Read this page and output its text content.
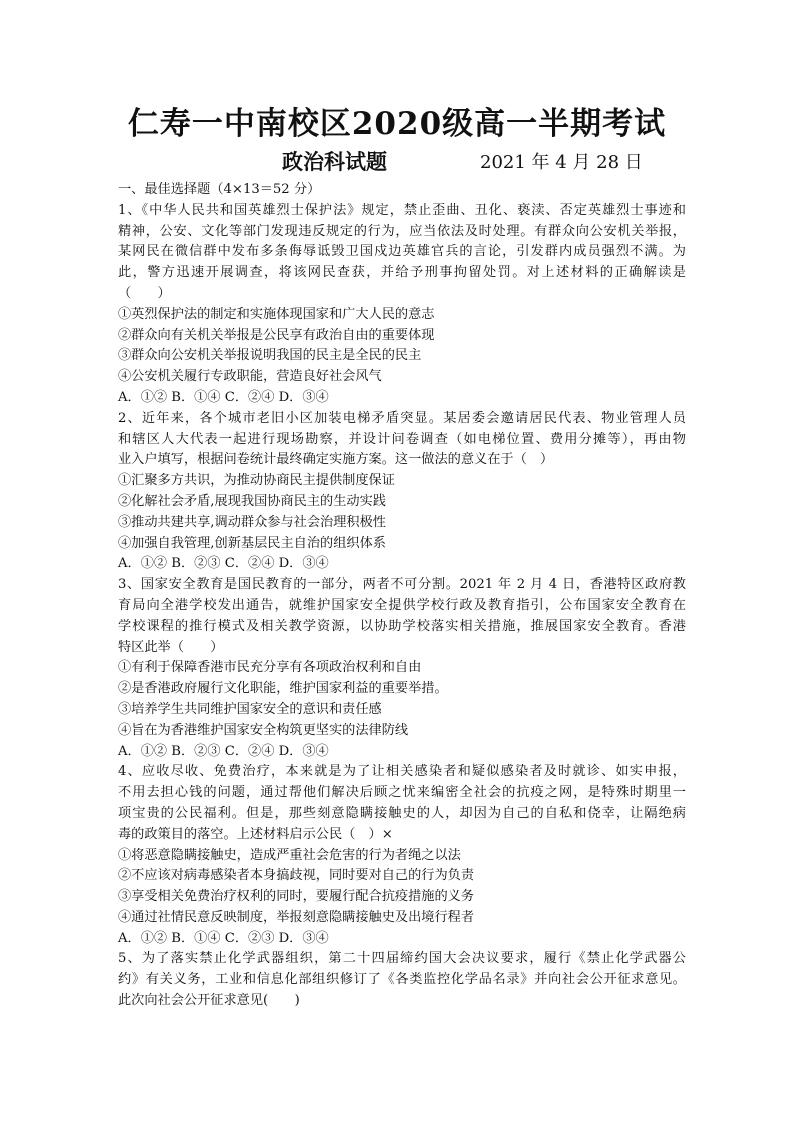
仁寿一中南校区2020级高一半期考试
政治科试题	2021 年 4 月 28 日
一、最佳选择题（4×13＝52 分）
1、《中华人民共和国英雄烈士保护法》规定，禁止歪曲、丑化、亵渎、否定英雄烈士事迹和
精神，公安、文化等部门发现违反规定的行为，应当依法及时处理。有群众向公安机关举报，
某网民在微信群中发布多条侮辱诋毁卫国戍边英雄官兵的言论，引发群内成员强烈不满。为
此，警方迅速开展调查，将该网民查获，并给予刑事拘留处罚。对上述材料的正确解读是
（　　）
①英烈保护法的制定和实施体现国家和广大人民的意志
②群众向有关机关举报是公民享有政治自由的重要体现
③群众向公安机关举报说明我国的民主是全民的民主
④公安机关履行专政职能，营造良好社会风气
A．①② B．①④ C．②④ D．③④
2、近年来，各个城市老旧小区加装电梯矛盾突显。某居委会邀请居民代表、物业管理人员
和辖区人大代表一起进行现场勘察，并设计问卷调查（如电梯位置、费用分摊等），再由物
业入户填写，根据问卷统计最终确定实施方案。这一做法的意义在于（　）
①汇聚多方共识，为推动协商民主提供制度保证
②化解社会矛盾,展现我国协商民主的生动实践
③推动共建共享,调动群众参与社会治理积极性
④加强自我管理,创新基层民主自治的组织体系
A．①② B．②③ C．②④ D．③④
3、国家安全教育是国民教育的一部分，两者不可分割。2021 年 2 月 4 日，香港特区政府教
育局向全港学校发出通告，就维护国家安全提供学校行政及教育指引，公布国家安全教育在
学校课程的推行模式及相关教学资源，以协助学校落实相关措施，推展国家安全教育。香港
特区此举（　　）
①有利于保障香港市民充分享有各项政治权利和自由
②是香港政府履行文化职能，维护国家利益的重要举措。
③培养学生共同维护国家安全的意识和责任感
④旨在为香港维护国家安全构筑更坚实的法律防线
A．①② B．②③ C．②④ D．③④
4、应收尽收、免费治疗，本来就是为了让相关感染者和疑似感染者及时就诊、如实申报，
不用去担心钱的问题，通过帮他们解决后顾之忧来编密全社会的抗疫之网，是特殊时期里一
项宝贵的公民福利。但是，那些刻意隐瞒接触史的人，却因为自己的自私和侥幸，让隔绝病
毒的政策目的落空。上述材料启示公民（　）×
①将恶意隐瞒接触史，造成严重社会危害的行为者绳之以法
②不应该对病毒感染者本身搞歧视，同时要对自己的行为负责
③享受相关免费治疗权利的同时，要履行配合抗疫措施的义务
④通过社情民意反映制度，举报刻意隐瞒接触史及出境行程者
A．①② B．①④ C．②③ D．③④
5、为了落实禁止化学武器组织，第二十四届缔约国大会决议要求，履行《禁止化学武器公
约》有关义务，工业和信息化部组织修订了《各类监控化学品名录》并向社会公开征求意见。
此次向社会公开征求意见(　　)
